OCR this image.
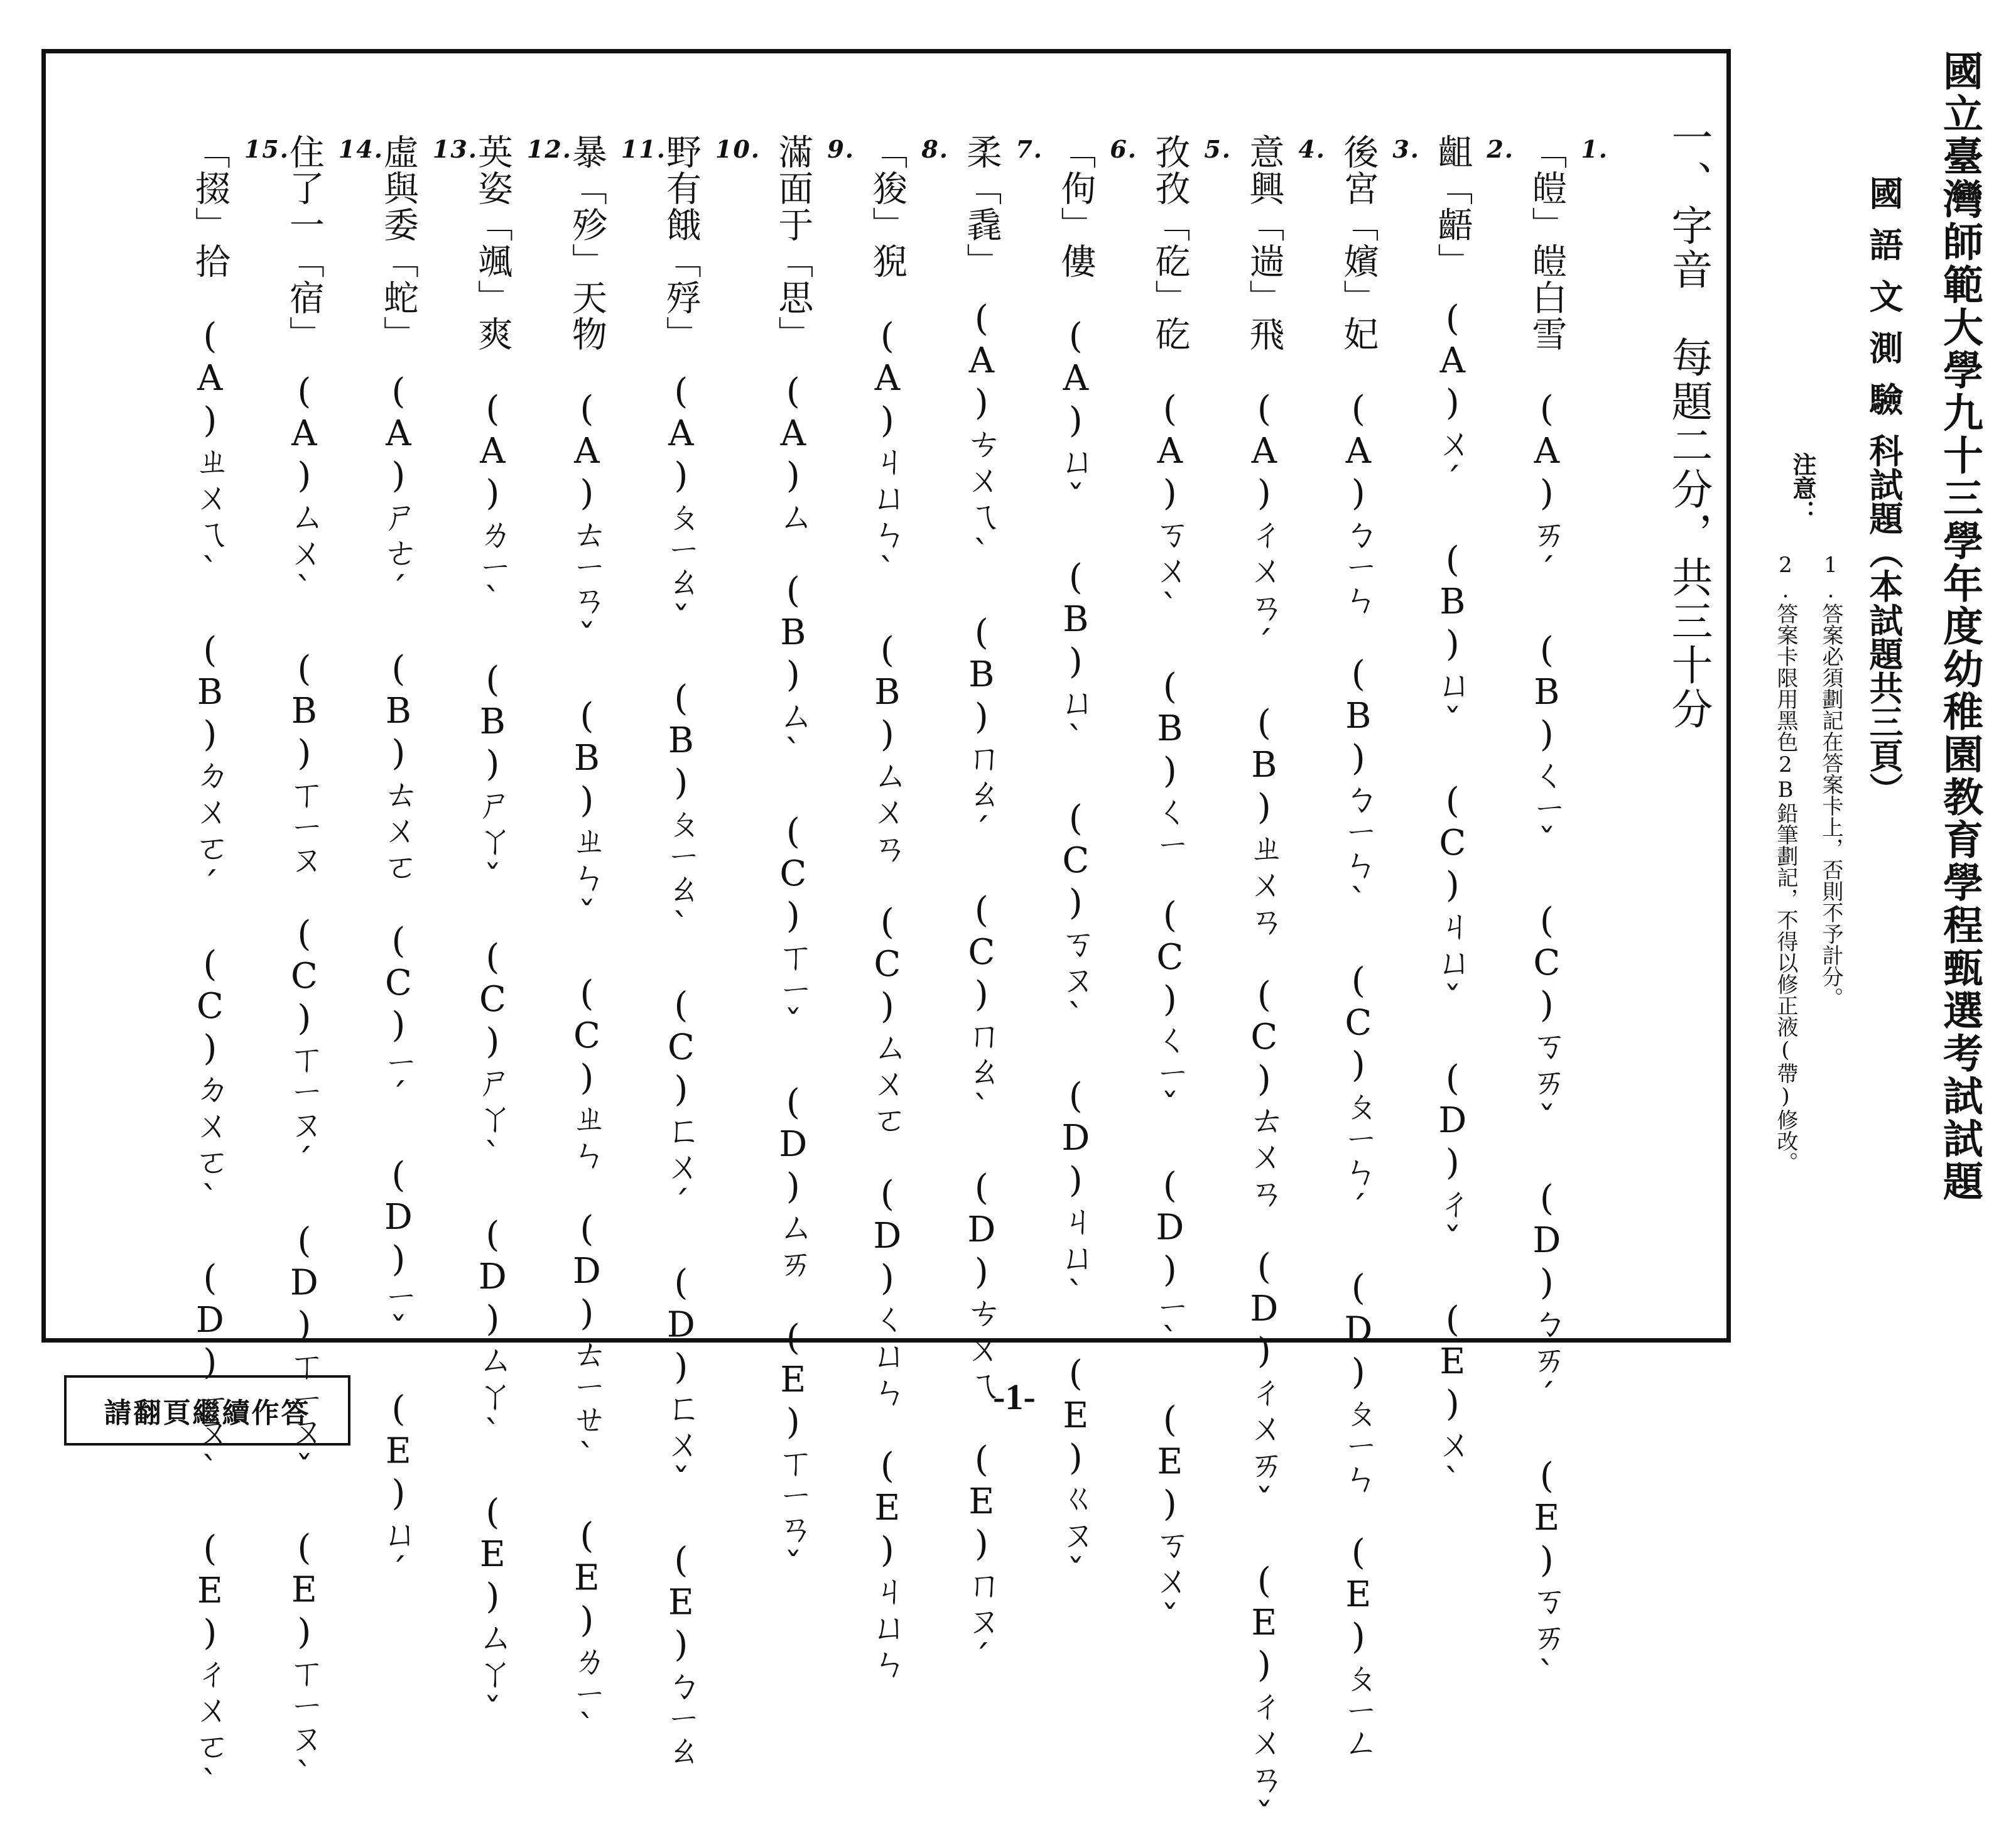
一、字音　每題二分，共三十分
1.
「皚」皚白雪　(A)ㄞˊ　(B)ㄑㄧˇ　(C)ㄎㄞˇ　(D)ㄅㄞˊ　(E)ㄎㄞˋ
2.
齟「齬」　(A)ㄨˊ　(B)ㄩˇ　(C)ㄐㄩˇ　(D)ㄔˇ　(E)ㄨˋ
3.
後宮「嬪」妃　(A)ㄅㄧㄣ　(B)ㄅㄧㄣˋ　(C)ㄆㄧㄣˊ　(D)ㄆㄧㄣ　(E)ㄆㄧㄥ
4.
意興「遄」飛　(A)ㄔㄨㄢˊ　(B)ㄓㄨㄢ　(C)ㄊㄨㄢ　(D)ㄔㄨㄞˇ　(E)ㄔㄨㄢˇ
5.
孜孜「矻」矻　(A)ㄎㄨˋ　(B)ㄑㄧ　(C)ㄑㄧˇ　(D)ㄧˋ　(E)ㄎㄨˇ
6.
「佝」僂　(A)ㄩˇ　(B)ㄩˋ　(C)ㄎㄡˋ　(D)ㄐㄩˋ　(E)ㄍㄡˇ
7.
柔「毳」　(A)ㄘㄨㄟˋ　(B)ㄇㄠˊ　(C)ㄇㄠˋ　(D)ㄘㄨㄟ　(E)ㄇㄡˊ
8.
「狻」猊　(A)ㄐㄩㄣˋ　(B)ㄙㄨㄢ　(C)ㄙㄨㄛ　(D)ㄑㄩㄣ　(E)ㄐㄩㄣ
9.
滿面于「思」　(A)ㄙ　(B)ㄙˋ　(C)ㄒㄧˇ　(D)ㄙㄞ　(E)ㄒㄧㄢˇ
10.
野有餓「殍」　(A)ㄆㄧㄠˇ　(B)ㄆㄧㄠˋ　(C)ㄈㄨˊ　(D)ㄈㄨˇ　(E)ㄅㄧㄠ
11.
暴「殄」天物　(A)ㄊㄧㄢˇ　(B)ㄓㄣˇ　(C)ㄓㄣ　(D)ㄊㄧㄝˋ　(E)ㄌㄧˋ
12.
英姿「颯」爽　(A)ㄌㄧˋ　(B)ㄕㄚˇ　(C)ㄕㄚˋ　(D)ㄙㄚˋ　(E)ㄙㄚˇ
13.
虛與委「蛇」　(A)ㄕㄜˊ　(B)ㄊㄨㄛ　(C)ㄧˊ　(D)ㄧˇ　(E)ㄩˊ
14.
住了一「宿」　(A)ㄙㄨˋ　(B)ㄒㄧㄡ　(C)ㄒㄧㄡˊ　(D)ㄒㄧㄡˇ　(E)ㄒㄧㄡˋ
15.
「掇」拾　(A)ㄓㄨㄟˋ　(B)ㄉㄨㄛˊ　(C)ㄉㄨㄛˋ　(D)ㄧㄡˋ　(E)ㄔㄨㄛˋ	國立臺灣師範大學九十三學年度幼稚園教育學程甄選考試試題
國語文測驗科試題（本試題共三頁）
注意：
1.答案必須劃記在答案卡上，否則不予計分。
2.答案卡限用黑色2B鉛筆劃記，不得以修正液(帶)修改。
請翻頁繼續作答	-1-
